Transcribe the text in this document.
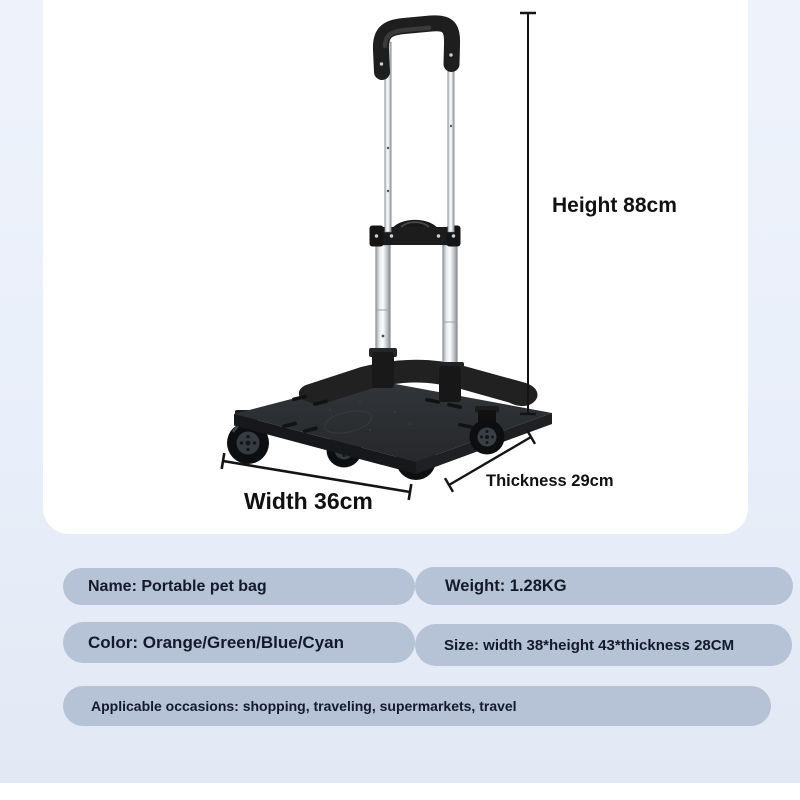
Height 88cm
Width 36cm
Thickness 29cm
Name: Portable pet bag	Weight: 1.28KG
Color: Orange/Green/Blue/Cyan	Size: width 38*height 43*thickness 28CM
Applicable occasions: shopping, traveling, supermarkets, travel
